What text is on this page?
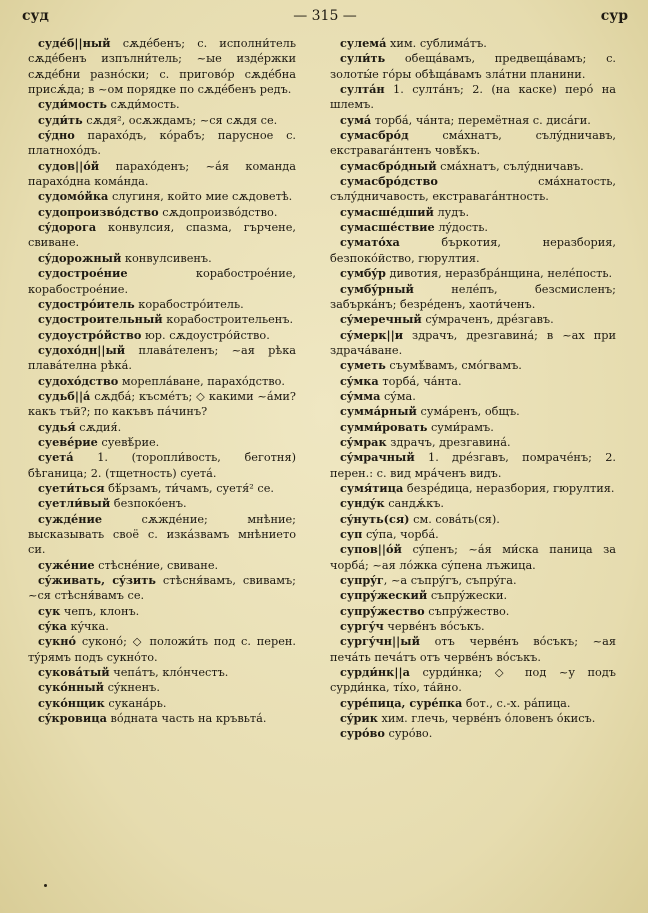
суд	— 315 —	сур

судéб||ный сѫдéбенъ; с. исполни́тель сѫдéбенъ изпълни́тель; ~ые издéржки сѫдéбни разно́ски; с. приговóр сѫдéбна присѫ́да; в ~ом порядке по сѫдéбенъ редъ.

суди́мость сѫди́мость.

суди́ть сѫдя², осѫждамъ; ~ся сѫдя се.

сýдно парахóдъ, кóрабъ; парусное с. платнохóдъ.

судов||óй парахóденъ; ~áя команда парахóдна комáнда.

судомо́йка слугиня, който мие сѫдоветѣ.

судопроизвóдство сѫдопроизвóдство.

сýдорога конвулсия, спазма, гърчене, свиване.

сýдорожный конвулсивенъ.

судостроéние корабостроéние, корабостроéние.

судострóитель корабострóитель.

судостроительный корабостроительенъ.

судоустрóйство юр. сѫдоустрóйство.

судохóдн||ый плавáтеленъ; ~ая рѣка плавáтелна рѣкá.

судохóдство мореплáване, парахóдство.

судьб||á сѫдбá; късмéтъ; ◇ какими ~áми? какъ тъй?; по какъвъ пáчинъ?

судья́ сѫдия́.

суевéрие суевѣ́рие.

суетá 1. (торопли́вость, беготня) бѣганица; 2. (тщетность) суетá.

суети́ться бѣ́рзамъ, ти́чамъ, суетя́² се.

суетли́вый безпокóенъ.

суждéние сѫждéние; мнѣние; высказывать своё с. изкáзвамъ мнѣнието си.

сужéние стѣснéние, свиване.

сýживать, сýзить стѣсня́вамъ, свивамъ; ~ся стѣсня́вамъ се.

сук чепъ, клонъ.

сýка кýчка.

сукнó суконó; ◇ положи́ть под с. перен. тýрямъ подъ сукнóто.

суковáтый чепáтъ, клóнчестъ.

сукóнный сýкненъ.

сукóнщик суканáрь.

сýкровица вóдната часть на кръвьтá.

сулемá хим. сублимáтъ.

сули́ть обещáвамъ, предвещáвамъ; с. золоты́е гóры обѣщáвамъ злáтни планини.

султáн 1. султáнъ; 2. (на каске) перó на шлемъ.

сумá торбá, чáнта; перемётная с. дисáги.

сумасбрóд смáхнатъ, сълýдничавъ, екстравагáнтенъ човѣ́къ.

сумасбрóдный смáхнатъ, сълýдничавъ.

сумасбрóдство смáхнатость, сълýдничавость, екстравагáнтность.

сумасшéдший лудъ.

сумасшéствие лýдость.

суматóха бъркотия, неразбория, безпокóйство, гюрултия.

сумбýр дивотия, неразбрáнщина, нелéпость.

сумбýрный нелéпъ, безсмисленъ; забъркáнъ; безрéденъ, хаоти́ченъ.

сýмеречный сýмраченъ, дрéзгавъ.

сýмерк||и здрачъ, дрезгавинá; в ~ах при здрачáване.

суметь съумѣ́вамъ, смóгвамъ.

сýмка торбá, чáнта.

сýмма сýма.

суммáрный сумáренъ, общъ.

сумми́ровать суми́рамъ.

сýмрак здрачъ, дрезгавинá.

сýмрачный 1. дрéзгавъ, помрачéнъ; 2. перен.: с. вид мрáченъ видъ.

сумя́тица безрéдица, неразбория, гюрултия.

сундýк сандѫ́къ.

сýнуть(ся) см. совáть(ся).

суп сýпа, чорбá.

супов||óй сýпенъ; ~áя ми́ска паница за чорбá; ~ая лóжка сýпена лъжица.

супрýг, ~а съпрýгъ, съпрýга.

супрýжеский съпрýжески.

супрýжество съпрýжество.

сургýч червéнъ вóсъкъ.

сургýчн||ый отъ червéнъ вóсъкъ; ~ая печáть печáтъ отъ червéнъ вóсъкъ.

сурди́нк||а сурди́нка; ◇ под ~у подъ сурди́нка, тíхо, тáйно.

сурéпица, сурéпка бот., с.-х. рáпица.

сýрик хим. глечь, червéнъ óловенъ óкисъ.

сурóво сурóво.
